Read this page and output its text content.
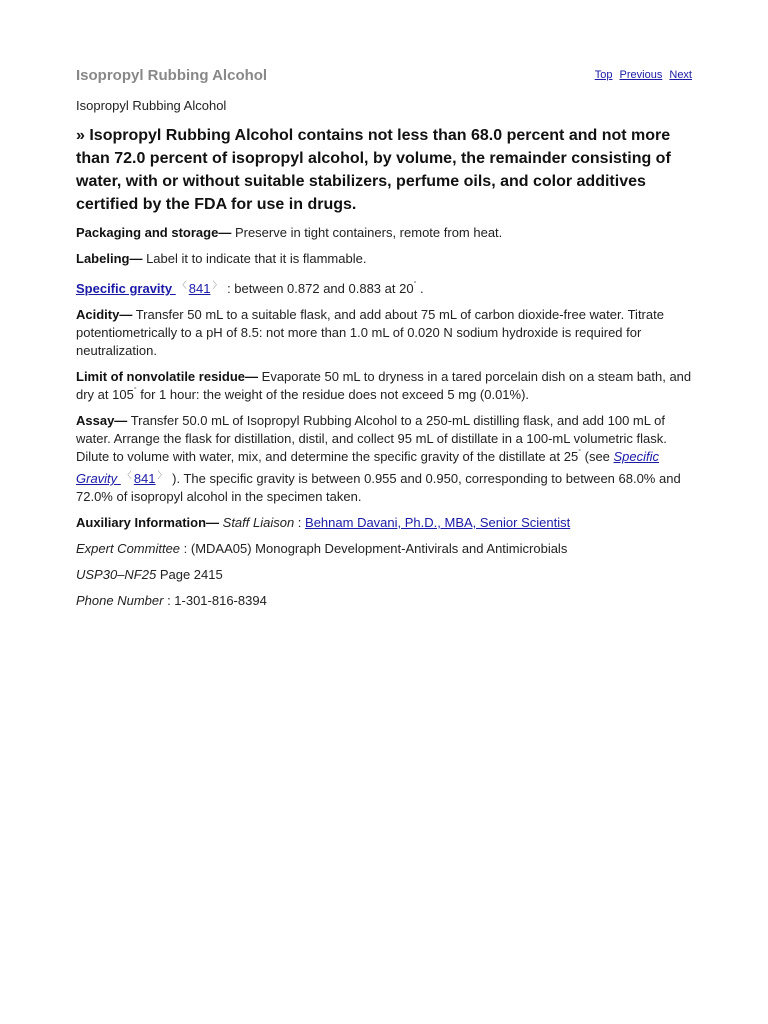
Isopropyl Rubbing Alcohol	Top Previous Next
Isopropyl Rubbing Alcohol
» Isopropyl Rubbing Alcohol contains not less than 68.0 percent and not more than 72.0 percent of isopropyl alcohol, by volume, the remainder consisting of water, with or without suitable stabilizers, perfume oils, and color additives certified by the FDA for use in drugs.

Packaging and storage— Preserve in tight containers, remote from heat.

Labeling— Label it to indicate that it is flammable.

Specific gravity 〈 841 〉 : between 0.872 and 0.883 at 20° .

Acidity— Transfer 50 mL to a suitable flask, and add about 75 mL of carbon dioxide-free water. Titrate potentiometrically to a pH of 8.5: not more than 1.0 mL of 0.020 N sodium hydroxide is required for neutralization.

Limit of nonvolatile residue— Evaporate 50 mL to dryness in a tared porcelain dish on a steam bath, and dry at 105° for 1 hour: the weight of the residue does not exceed 5 mg (0.01%).

Assay— Transfer 50.0 mL of Isopropyl Rubbing Alcohol to a 250-mL distilling flask, and add 100 mL of water. Arrange the flask for distillation, distil, and collect 95 mL of distillate in a 100-mL volumetric flask. Dilute to volume with water, mix, and determine the specific gravity of the distillate at 25° (see Specific Gravity 〈 841 〉 ). The specific gravity is between 0.955 and 0.950, corresponding to between 68.0% and 72.0% of isopropyl alcohol in the specimen taken.

Auxiliary Information— Staff Liaison : Behnam Davani, Ph.D., MBA, Senior Scientist

Expert Committee : (MDAA05) Monograph Development-Antivirals and Antimicrobials

USP30–NF25 Page 2415

Phone Number : 1-301-816-8394
